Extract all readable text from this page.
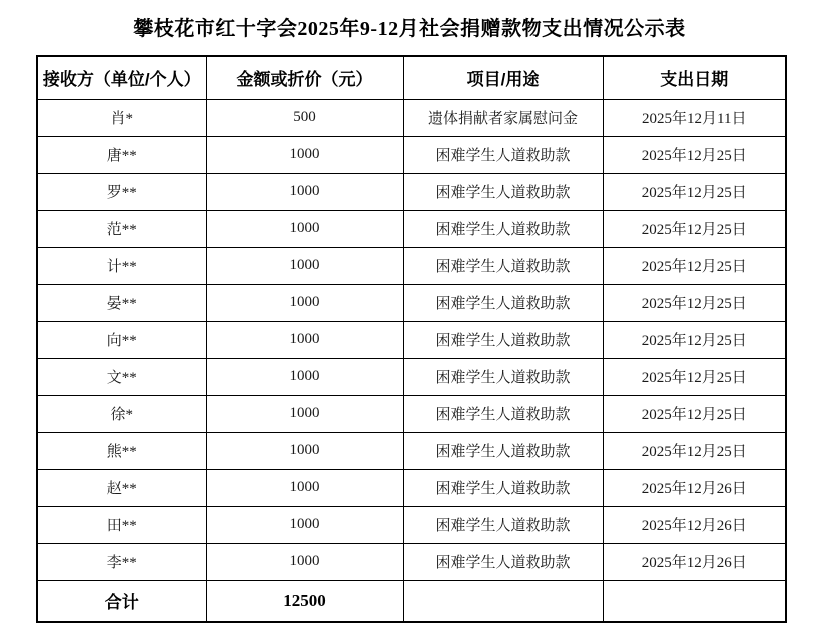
攀枝花市红十字会2025年9-12月社会捐赠款物支出情况公示表
接收方（单位/个人）	金额或折价（元）	项目/用途	支出日期
肖*	500	遗体捐献者家属慰问金	2025年12月11日
唐**	1000	困难学生人道救助款	2025年12月25日
罗**	1000	困难学生人道救助款	2025年12月25日
范**	1000	困难学生人道救助款	2025年12月25日
计**	1000	困难学生人道救助款	2025年12月25日
晏**	1000	困难学生人道救助款	2025年12月25日
向**	1000	困难学生人道救助款	2025年12月25日
文**	1000	困难学生人道救助款	2025年12月25日
徐*	1000	困难学生人道救助款	2025年12月25日
熊**	1000	困难学生人道救助款	2025年12月25日
赵**	1000	困难学生人道救助款	2025年12月26日
田**	1000	困难学生人道救助款	2025年12月26日
李**	1000	困难学生人道救助款	2025年12月26日
合计	12500		
